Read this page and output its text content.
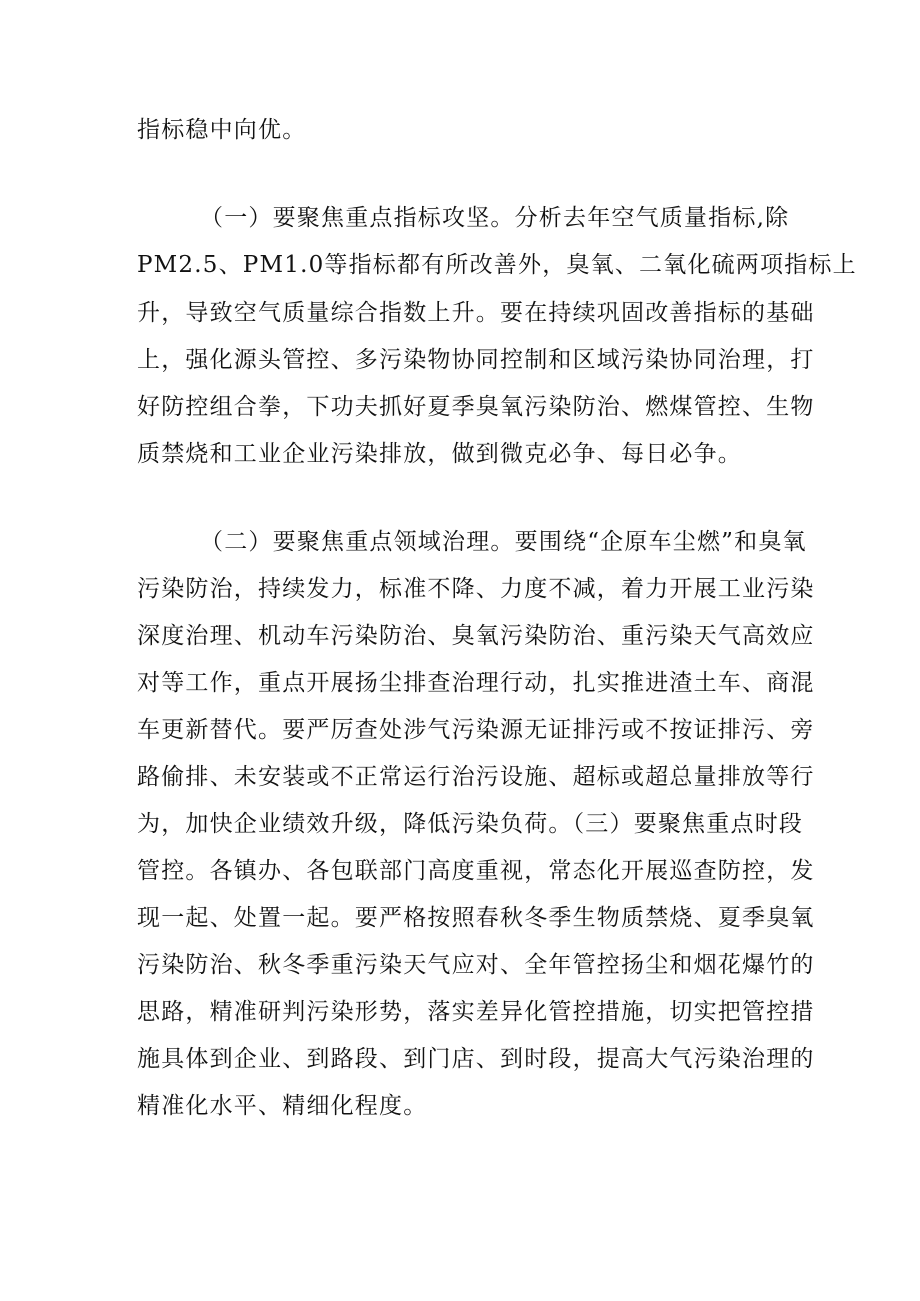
指标稳中向优。

（一）要聚焦重点指标攻坚。分析去年空气质量指标,除

PM2.5、PM1.0等指标都有所改善外，臭氧、二氧化硫两项指标上

升，导致空气质量综合指数上升。要在持续巩固改善指标的基础

上，强化源头管控、多污染物协同控制和区域污染协同治理，打

好防控组合拳，下功夫抓好夏季臭氧污染防治、燃煤管控、生物

质禁烧和工业企业污染排放，做到微克必争、每日必争。

（二）要聚焦重点领域治理。要围绕“企原车尘燃”和臭氧

污染防治，持续发力，标准不降、力度不减，着力开展工业污染

深度治理、机动车污染防治、臭氧污染防治、重污染天气高效应

对等工作，重点开展扬尘排查治理行动，扎实推进渣土车、商混

车更新替代。要严厉查处涉气污染源无证排污或不按证排污、旁

路偷排、未安装或不正常运行治污设施、超标或超总量排放等行

为，加快企业绩效升级，降低污染负荷。（三）要聚焦重点时段

管控。各镇办、各包联部门高度重视，常态化开展巡查防控，发

现一起、处置一起。要严格按照春秋冬季生物质禁烧、夏季臭氧

污染防治、秋冬季重污染天气应对、全年管控扬尘和烟花爆竹的

思路，精准研判污染形势，落实差异化管控措施，切实把管控措

施具体到企业、到路段、到门店、到时段，提高大气污染治理的

精准化水平、精细化程度。
